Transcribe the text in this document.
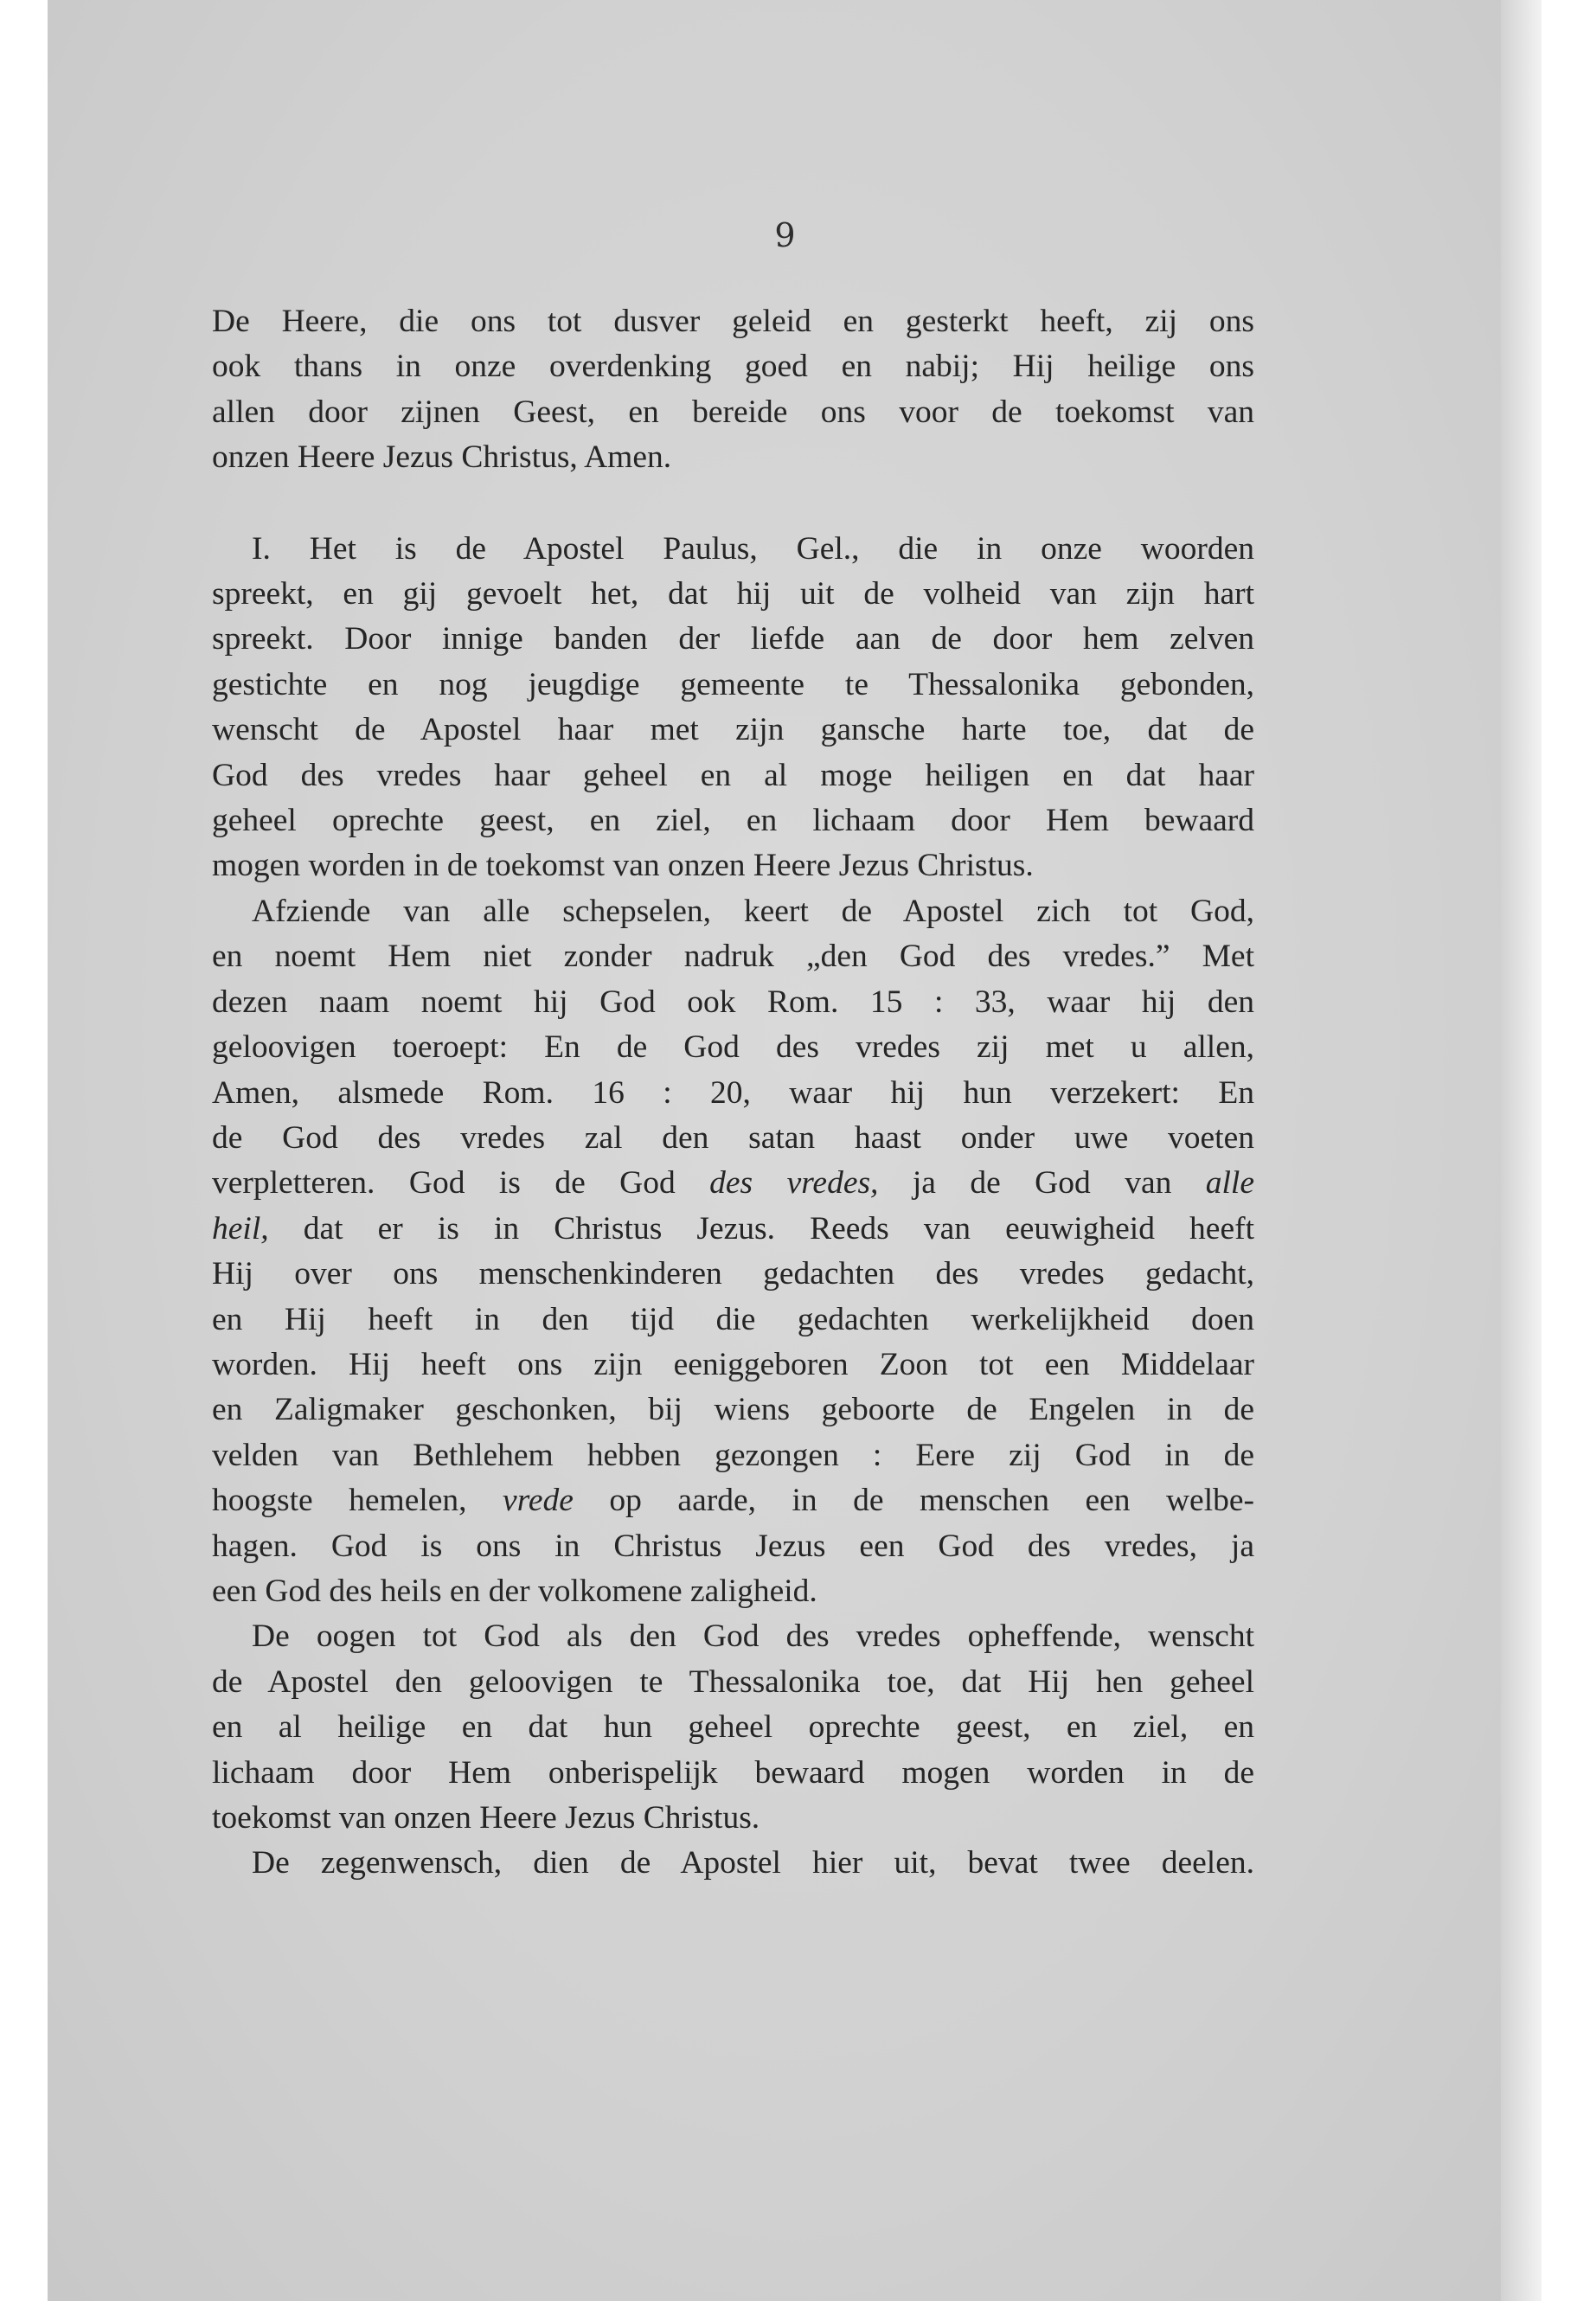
9
De Heere, die ons tot dusver geleid en gesterkt heeft, zij ons
ook thans in onze overdenking goed en nabij; Hij heilige ons
allen door zijnen Geest, en bereide ons voor de toekomst van
onzen Heere Jezus Christus, Amen.
I. Het is de Apostel Paulus, Gel., die in onze woorden
spreekt, en gij gevoelt het, dat hij uit de volheid van zijn hart
spreekt. Door innige banden der liefde aan de door hem zelven
gestichte en nog jeugdige gemeente te Thessalonika gebonden,
wenscht de Apostel haar met zijn gansche harte toe, dat de
God des vredes haar geheel en al moge heiligen en dat haar
geheel oprechte geest, en ziel, en lichaam door Hem bewaard
mogen worden in de toekomst van onzen Heere Jezus Christus.
Afziende van alle schepselen, keert de Apostel zich tot God,
en noemt Hem niet zonder nadruk „den God des vredes.” Met
dezen naam noemt hij God ook Rom. 15 : 33, waar hij den
geloovigen toeroept: En de God des vredes zij met u allen,
Amen, alsmede Rom. 16 : 20, waar hij hun verzekert: En
de God des vredes zal den satan haast onder uwe voeten
verpletteren. God is de God des vredes, ja de God van alle
heil, dat er is in Christus Jezus. Reeds van eeuwigheid heeft
Hij over ons menschenkinderen gedachten des vredes gedacht,
en Hij heeft in den tijd die gedachten werkelijkheid doen
worden. Hij heeft ons zijn eeniggeboren Zoon tot een Middelaar
en Zaligmaker geschonken, bij wiens geboorte de Engelen in de
velden van Bethlehem hebben gezongen : Eere zij God in de
hoogste hemelen, vrede op aarde, in de menschen een welbe-
hagen. God is ons in Christus Jezus een God des vredes, ja
een God des heils en der volkomene zaligheid.
De oogen tot God als den God des vredes opheffende, wenscht
de Apostel den geloovigen te Thessalonika toe, dat Hij hen geheel
en al heilige en dat hun geheel oprechte geest, en ziel, en
lichaam door Hem onberispelijk bewaard mogen worden in de
toekomst van onzen Heere Jezus Christus.
De zegenwensch, dien de Apostel hier uit, bevat twee deelen.
